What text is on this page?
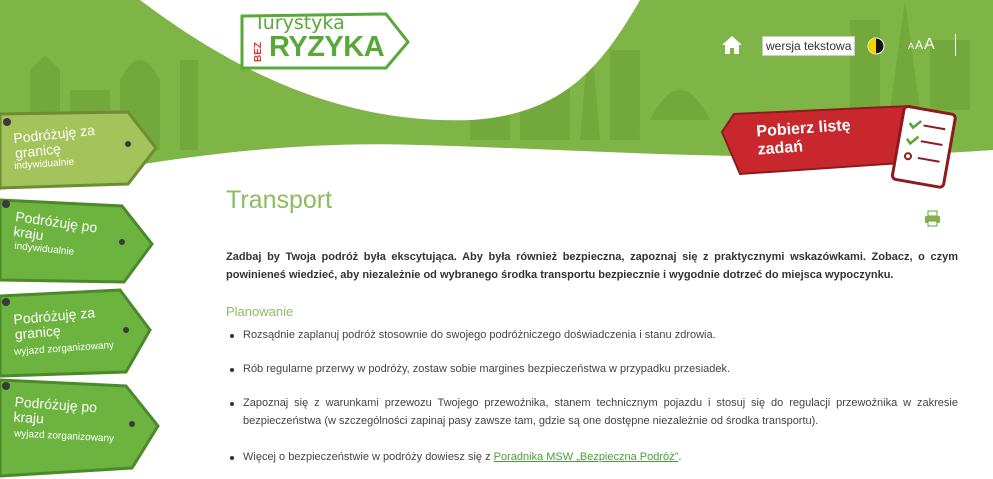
Turystyka
BEZ RYZYKA	wersja tekstowa	AAA
Pobierz listę zadań
Podróżuję za granicę
indywidualnie
Podróżuję po kraju
indywidualnie
Podróżuję za granicę
wyjazd zorganizowany
Podróżuję po kraju
wyjazd zorganizowany
Transport

Zadbaj by Twoja podróż była ekscytująca. Aby była również bezpieczna, zapoznaj się z praktycznymi wskazówkami. Zobacz, o czym powinieneś wiedzieć, aby niezależnie od wybranego środka transportu bezpiecznie i wygodnie dotrzeć do miejsca wypoczynku.

Planowanie
Rozsądnie zaplanuj podróż stosownie do swojego podróżniczego doświadczenia i stanu zdrowia.
Rób regularne przerwy w podróży, zostaw sobie margines bezpieczeństwa w przypadku przesiadek.
Zapoznaj się z warunkami przewozu Twojego przewoźnika, stanem technicznym pojazdu i stosuj się do regulacji przewoźnika w zakresie bezpieczeństwa (w szczególności zapinaj pasy zawsze tam, gdzie są one dostępne niezależnie od środka transportu).
Więcej o bezpieczeństwie w podróży dowiesz się z Poradnika MSW „Bezpieczna Podróż”.
